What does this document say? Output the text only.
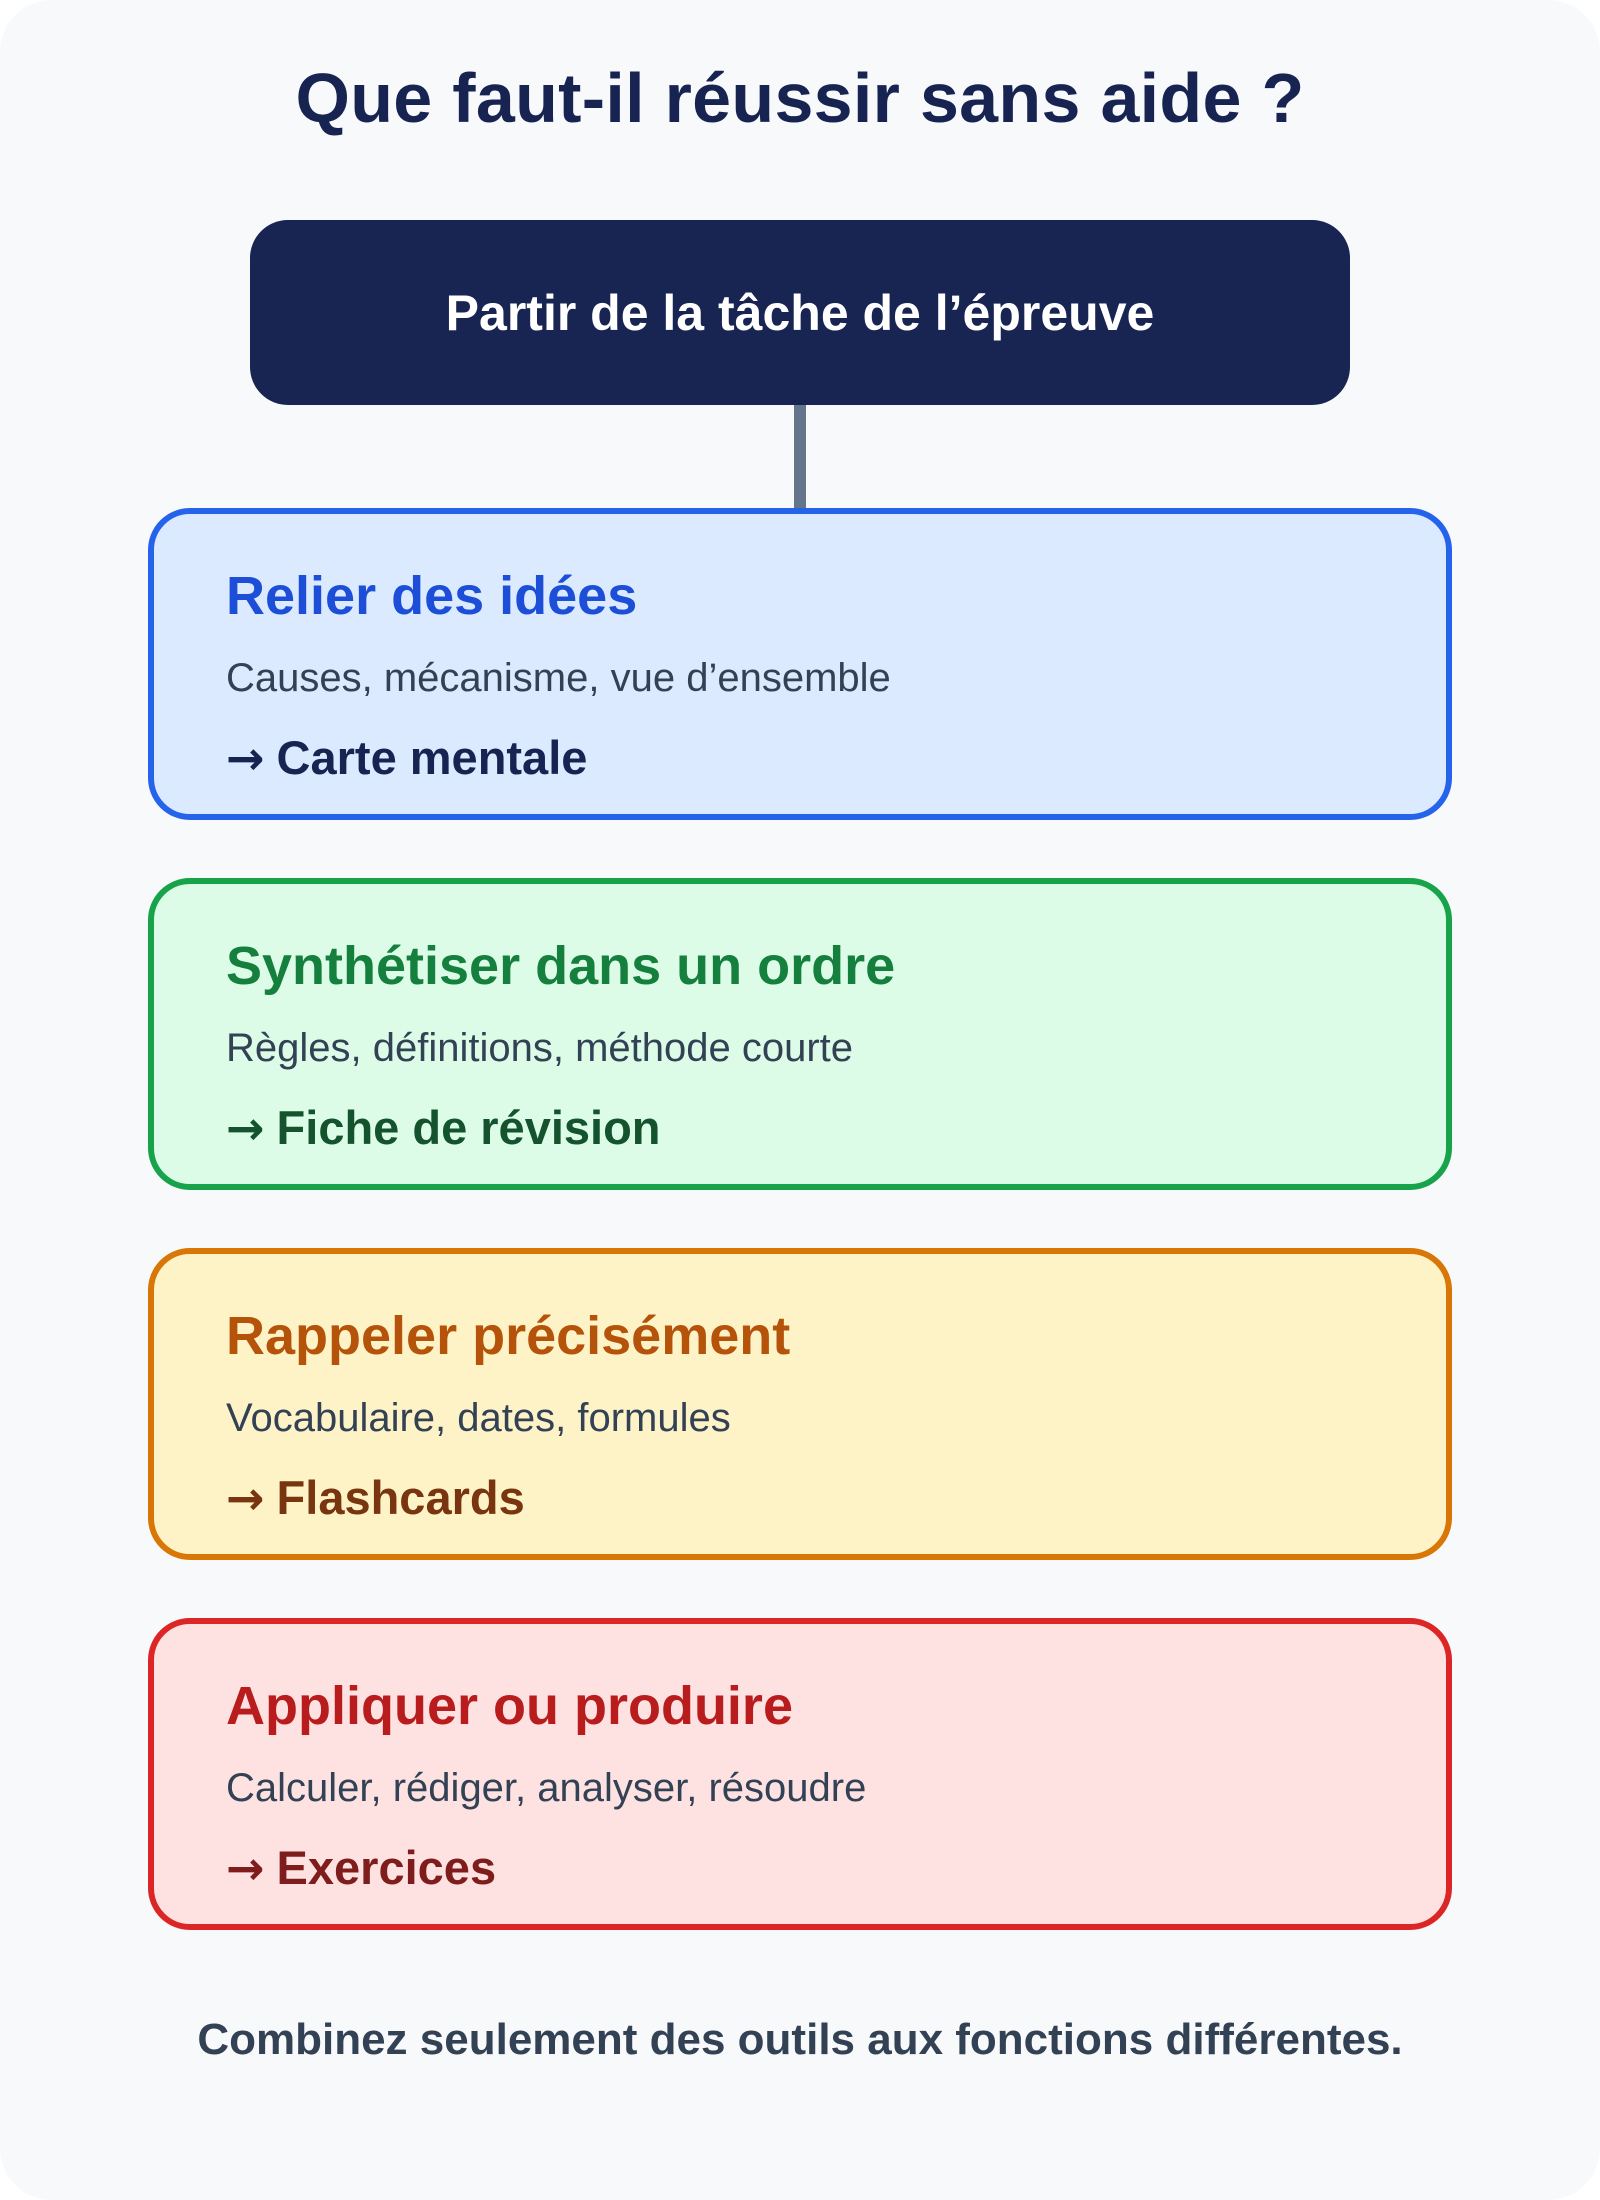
Que faut-il réussir sans aide ?
Partir de la tâche de l’épreuve
Relier des idées
Causes, mécanisme, vue d’ensemble
→ Carte mentale
Synthétiser dans un ordre
Règles, définitions, méthode courte
→ Fiche de révision
Rappeler précisément
Vocabulaire, dates, formules
→ Flashcards
Appliquer ou produire
Calculer, rédiger, analyser, résoudre
→ Exercices
Combinez seulement des outils aux fonctions différentes.
